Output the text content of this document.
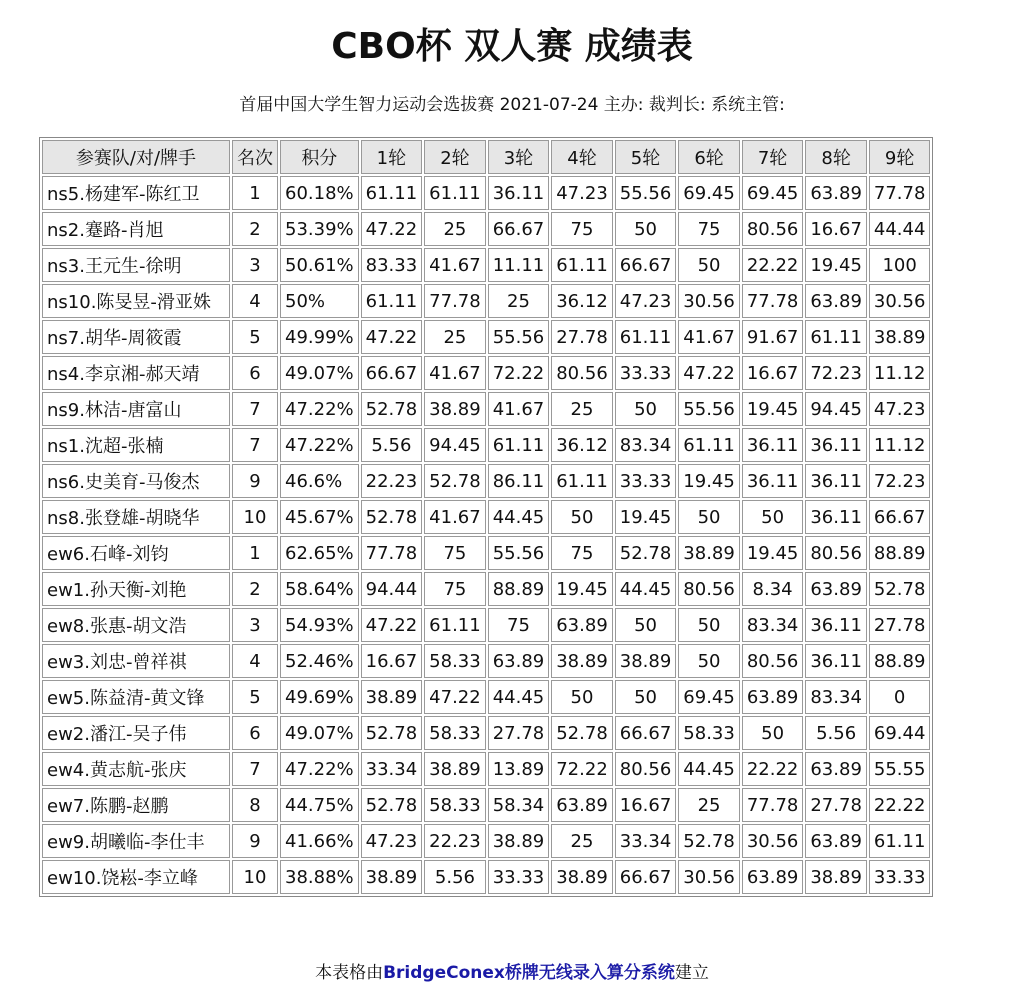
CBO杯 双人赛 成绩表
首届中国大学生智力运动会选拔赛 2021-07-24 主办: 裁判长: 系统主管:
参赛队/对/牌手	名次	积分	1轮	2轮	3轮	4轮	5轮	6轮	7轮	8轮	9轮
ns5.杨建军-陈红卫	1	60.18%	61.11	61.11	36.11	47.23	55.56	69.45	69.45	63.89	77.78
ns2.蹇路-肖旭	2	53.39%	47.22	25	66.67	75	50	75	80.56	16.67	44.44
ns3.王元生-徐明	3	50.61%	83.33	41.67	11.11	61.11	66.67	50	22.22	19.45	100
ns10.陈旻昱-滑亚姝	4	50%	61.11	77.78	25	36.12	47.23	30.56	77.78	63.89	30.56
ns7.胡华-周筱霞	5	49.99%	47.22	25	55.56	27.78	61.11	41.67	91.67	61.11	38.89
ns4.李京湘-郝天靖	6	49.07%	66.67	41.67	72.22	80.56	33.33	47.22	16.67	72.23	11.12
ns9.林洁-唐富山	7	47.22%	52.78	38.89	41.67	25	50	55.56	19.45	94.45	47.23
ns1.沈超-张楠	7	47.22%	5.56	94.45	61.11	36.12	83.34	61.11	36.11	36.11	11.12
ns6.史美育-马俊杰	9	46.6%	22.23	52.78	86.11	61.11	33.33	19.45	36.11	36.11	72.23
ns8.张登雄-胡晓华	10	45.67%	52.78	41.67	44.45	50	19.45	50	50	36.11	66.67
ew6.石峰-刘钧	1	62.65%	77.78	75	55.56	75	52.78	38.89	19.45	80.56	88.89
ew1.孙天衡-刘艳	2	58.64%	94.44	75	88.89	19.45	44.45	80.56	8.34	63.89	52.78
ew8.张惠-胡文浩	3	54.93%	47.22	61.11	75	63.89	50	50	83.34	36.11	27.78
ew3.刘忠-曾祥祺	4	52.46%	16.67	58.33	63.89	38.89	38.89	50	80.56	36.11	88.89
ew5.陈益清-黄文锋	5	49.69%	38.89	47.22	44.45	50	50	69.45	63.89	83.34	0
ew2.潘江-吴子伟	6	49.07%	52.78	58.33	27.78	52.78	66.67	58.33	50	5.56	69.44
ew4.黄志航-张庆	7	47.22%	33.34	38.89	13.89	72.22	80.56	44.45	22.22	63.89	55.55
ew7.陈鹏-赵鹏	8	44.75%	52.78	58.33	58.34	63.89	16.67	25	77.78	27.78	22.22
ew9.胡曦临-李仕丰	9	41.66%	47.23	22.23	38.89	25	33.34	52.78	30.56	63.89	61.11
ew10.饶崧-李立峰	10	38.88%	38.89	5.56	33.33	38.89	66.67	30.56	63.89	38.89	33.33
本表格由BridgeConex桥牌无线录入算分系统建立
